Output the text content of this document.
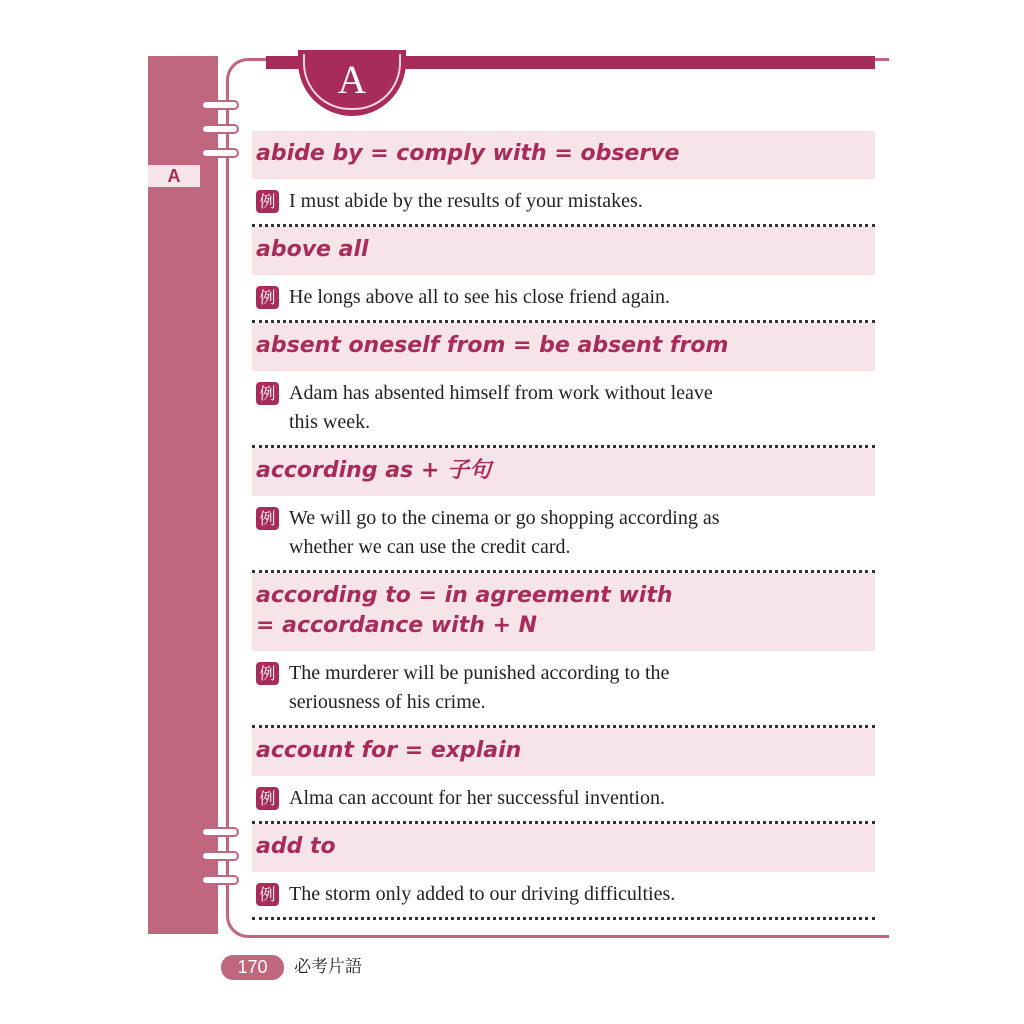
A
A
abide by = comply with = observe
例 I must abide by the results of your mistakes.
above all
例 He longs above all to see his close friend again.
absent oneself from = be absent from
例 Adam has absented himself from work without leave this week.
according as + 子句
例 We will go to the cinema or go shopping according as whether we can use the credit card.
according to = in agreement with = accordance with + N
例 The murderer will be punished according to the seriousness of his crime.
account for = explain
例 Alma can account for her successful invention.
add to
例 The storm only added to our driving difficulties.
170	必考片語
